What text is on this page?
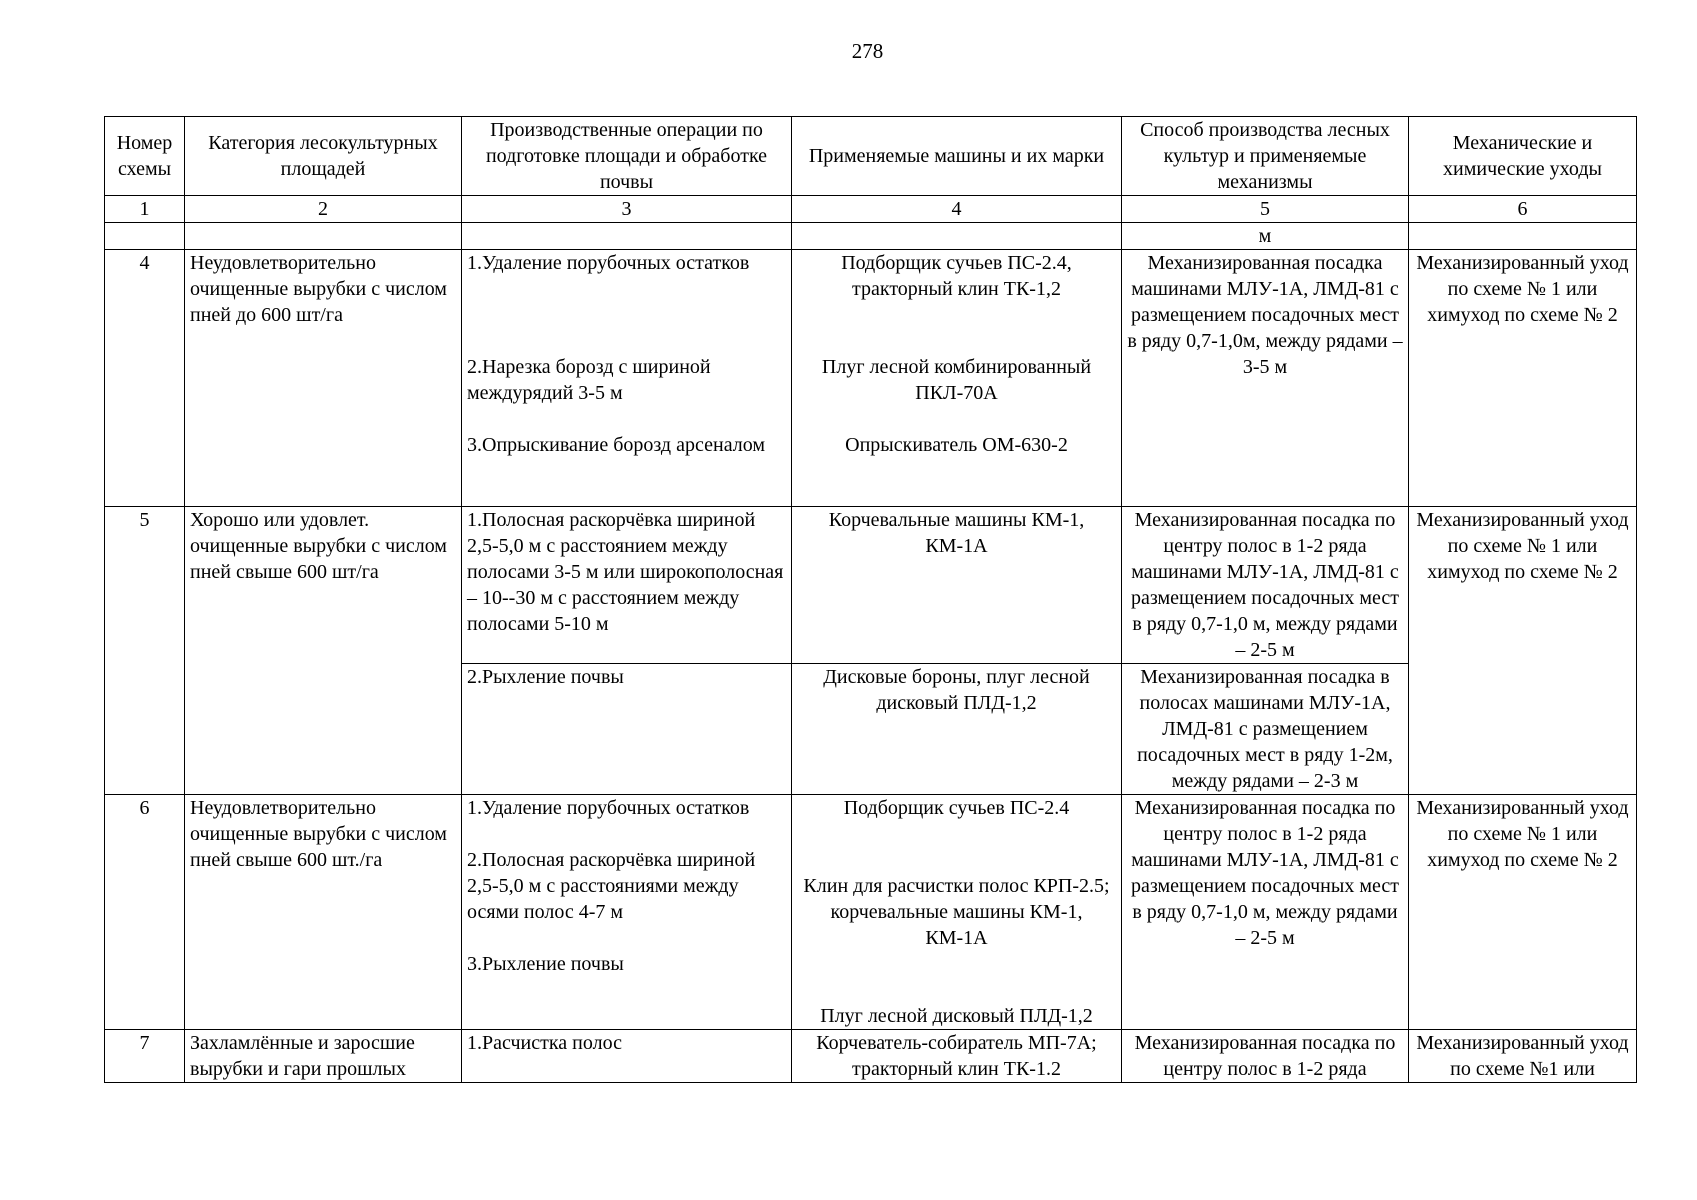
278
Номер схемы	Категория лесокультурных площадей	Производственные операции по подготовке площади и обработке почвы	Применяемые машины и их марки	Способ производства лесных культур и применяемые механизмы	Механические и химические уходы
1	2	3	4	5	6
				м	
4	Неудовлетворительно очищенные вырубки с числом пней до 600 шт/га	1.Удаление порубочных остатков
2.Нарезка борозд с шириной междурядий 3-5 м
3.Опрыскивание борозд арсеналом	Подборщик сучьев ПС-2.4, тракторный клин ТК-1,2
Плуг лесной комбинированный ПКЛ-70А
Опрыскиватель ОМ-630-2	Механизированная посадка машинами МЛУ-1А, ЛМД-81 с размещением посадочных мест в ряду 0,7-1,0м, между рядами – 3-5 м	Механизированный уход по схеме № 1 или химуход по схеме № 2
5	Хорошо или удовлет. очищенные вырубки с числом пней свыше 600 шт/га	1.Полосная раскорчёвка шириной 2,5-5,0 м с расстоянием между полосами 3-5 м или широкополосная – 10--30 м с расстоянием между полосами 5-10 м	Корчевальные машины КМ-1, КМ-1А	Механизированная посадка по центру полос в 1-2 ряда машинами МЛУ-1А, ЛМД-81 с размещением посадочных мест в ряду 0,7-1,0 м, между рядами – 2-5 м	Механизированный уход по схеме № 1 или химуход по схеме № 2
		2.Рыхление почвы	Дисковые бороны, плуг лесной дисковый ПЛД-1,2	Механизированная посадка в полосах машинами МЛУ-1А, ЛМД-81 с размещением посадочных мест в ряду 1-2м, между рядами – 2-3 м	
6	Неудовлетворительно очищенные вырубки с числом пней свыше 600 шт./га	1.Удаление порубочных остатков
2.Полосная раскорчёвка шириной 2,5-5,0 м с расстояниями между осями полос 4-7 м
3.Рыхление почвы	Подборщик сучьев ПС-2.4
Клин для расчистки полос КРП-2.5; корчевальные машины КМ-1, КМ-1А
Плуг лесной дисковый ПЛД-1,2	Механизированная посадка по центру полос в 1-2 ряда машинами МЛУ-1А, ЛМД-81 с размещением посадочных мест в ряду 0,7-1,0 м, между рядами – 2-5 м	Механизированный уход по схеме № 1 или химуход по схеме № 2
7	Захламлённые и заросшие вырубки и гари прошлых	1.Расчистка полос	Корчеватель-собиратель МП-7А; тракторный клин ТК-1.2	Механизированная посадка по центру полос в 1-2 ряда	Механизированный уход по схеме №1 или
